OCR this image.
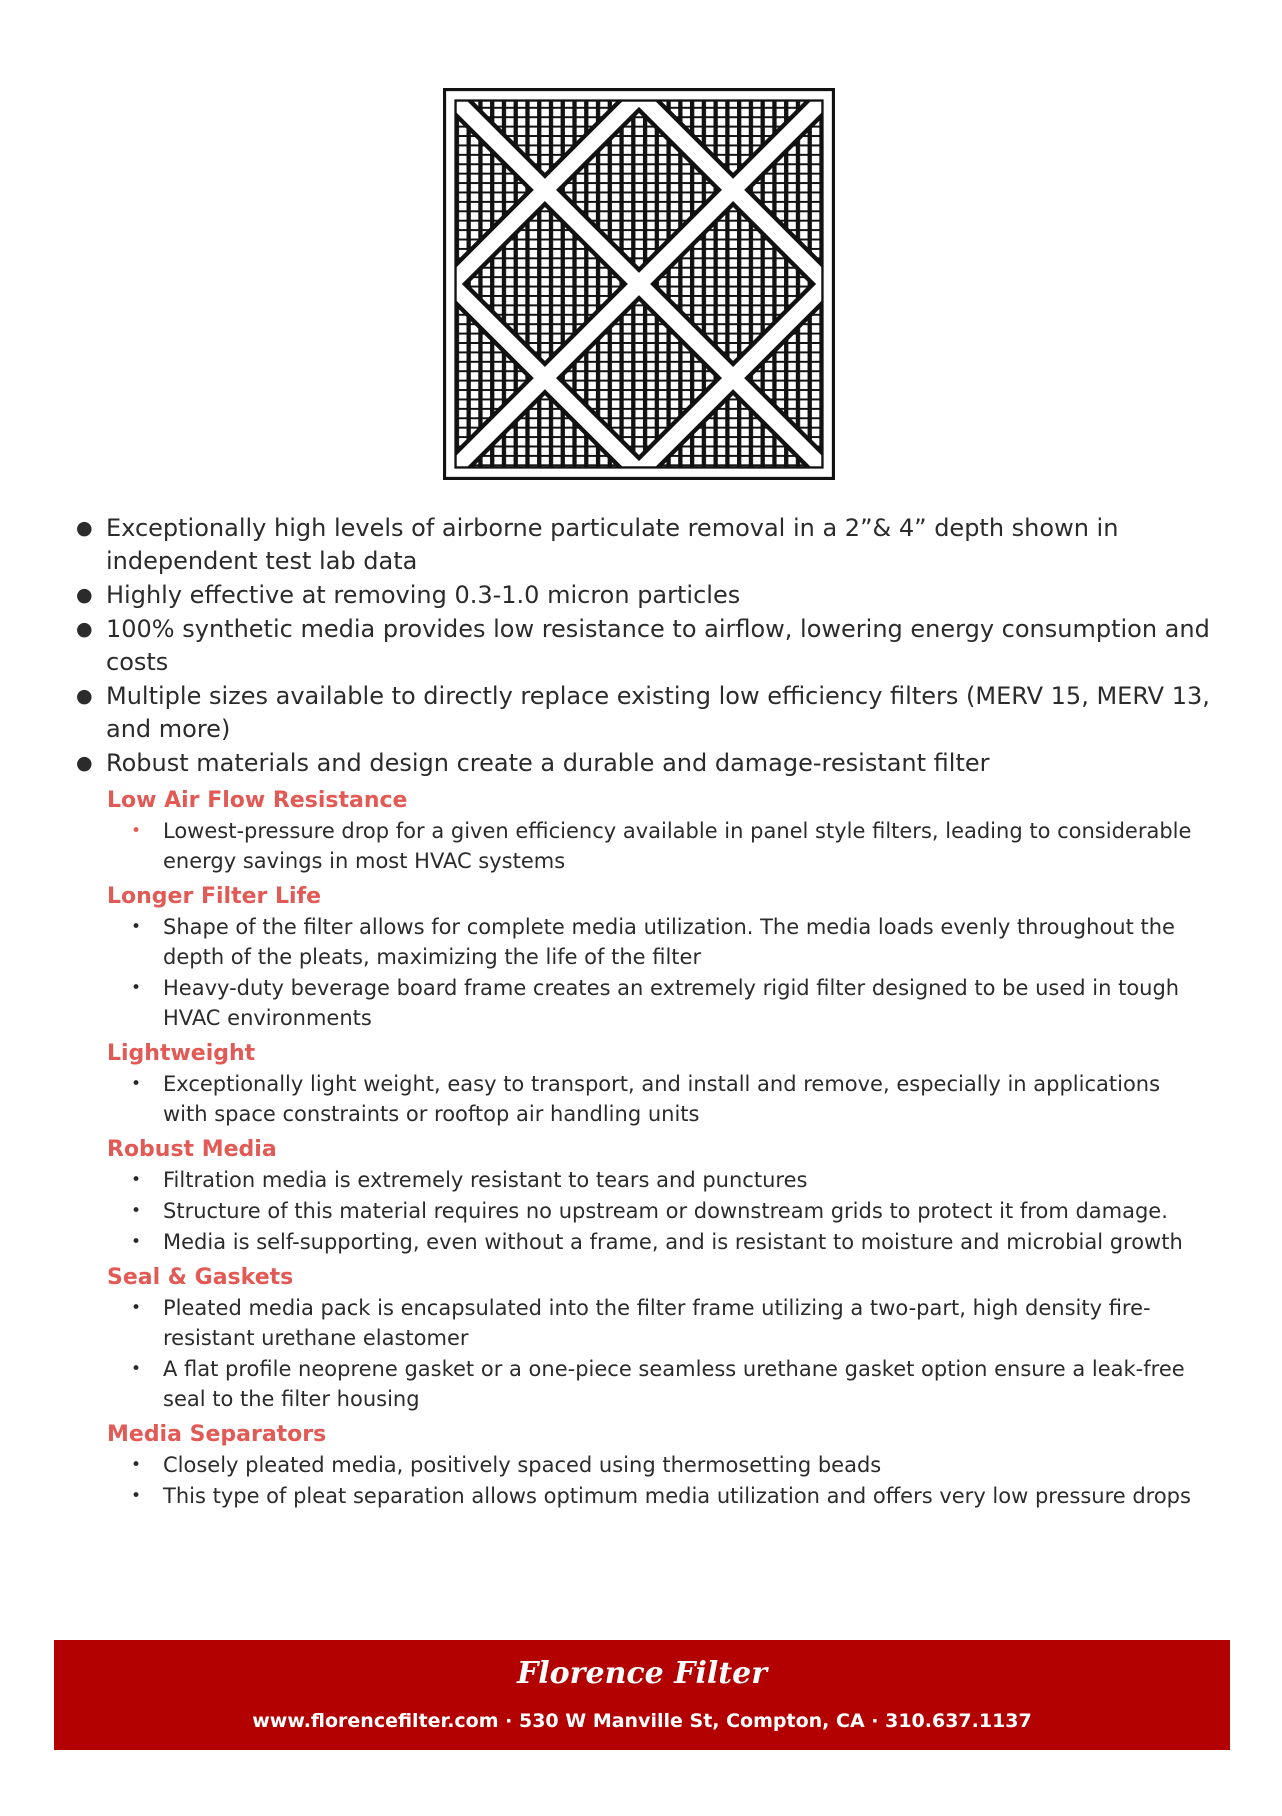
● Exceptionally high levels of airborne particulate removal in a 2”& 4” depth shown in independent test lab data
● Highly effective at removing 0.3-1.0 micron particles
● 100% synthetic media provides low resistance to airflow, lowering energy consumption and costs
● Multiple sizes available to directly replace existing low efficiency filters (MERV 15, MERV 13, and more)
● Robust materials and design create a durable and damage-resistant filter
Low Air Flow Resistance
• Lowest-pressure drop for a given efficiency available in panel style filters, leading to considerable energy savings in most HVAC systems
Longer Filter Life
• Shape of the filter allows for complete media utilization. The media loads evenly throughout the depth of the pleats, maximizing the life of the filter
• Heavy-duty beverage board frame creates an extremely rigid filter designed to be used in tough HVAC environments
Lightweight
• Exceptionally light weight, easy to transport, and install and remove, especially in applications with space constraints or rooftop air handling units
Robust Media
• Filtration media is extremely resistant to tears and punctures
• Structure of this material requires no upstream or downstream grids to protect it from damage.
• Media is self-supporting, even without a frame, and is resistant to moisture and microbial growth
Seal & Gaskets
• Pleated media pack is encapsulated into the filter frame utilizing a two-part, high density fire-resistant urethane elastomer
• A flat profile neoprene gasket or a one-piece seamless urethane gasket option ensure a leak-free seal to the filter housing
Media Separators
• Closely pleated media, positively spaced using thermosetting beads
• This type of pleat separation allows optimum media utilization and offers very low pressure drops
Florence Filter
www.florencefilter.com · 530 W Manville St, Compton, CA · 310.637.1137
